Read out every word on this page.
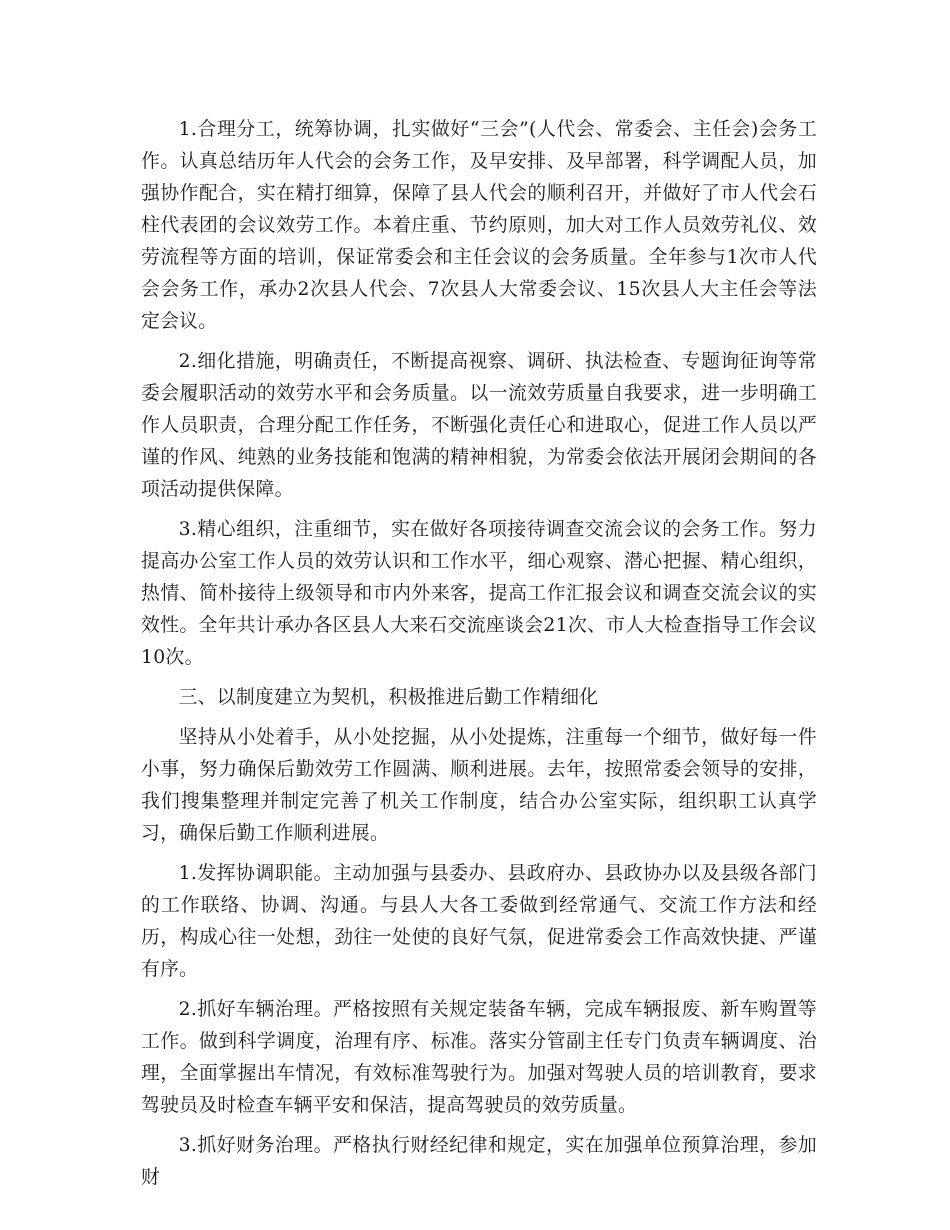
1.合理分工，统筹协调，扎实做好“三会”(人代会、常委会、主任会)会务工作。认真总结历年人代会的会务工作，及早安排、及早部署，科学调配人员，加强协作配合，实在精打细算，保障了县人代会的顺利召开，并做好了市人代会石柱代表团的会议效劳工作。本着庄重、节约原则，加大对工作人员效劳礼仪、效劳流程等方面的培训，保证常委会和主任会议的会务质量。全年参与1次市人代会会务工作，承办2次县人代会、7次县人大常委会议、15次县人大主任会等法定会议。

2.细化措施，明确责任，不断提高视察、调研、执法检查、专题询征询等常委会履职活动的效劳水平和会务质量。以一流效劳质量自我要求，进一步明确工作人员职责，合理分配工作任务，不断强化责任心和进取心，促进工作人员以严谨的作风、纯熟的业务技能和饱满的精神相貌，为常委会依法开展闭会期间的各项活动提供保障。

3.精心组织，注重细节，实在做好各项接待调查交流会议的会务工作。努力提高办公室工作人员的效劳认识和工作水平，细心观察、潜心把握、精心组织，热情、简朴接待上级领导和市内外来客，提高工作汇报会议和调查交流会议的实效性。全年共计承办各区县人大来石交流座谈会21次、市人大检查指导工作会议10次。

三、以制度建立为契机，积极推进后勤工作精细化

坚持从小处着手，从小处挖掘，从小处提炼，注重每一个细节，做好每一件小事，努力确保后勤效劳工作圆满、顺利进展。去年，按照常委会领导的安排，我们搜集整理并制定完善了机关工作制度，结合办公室实际，组织职工认真学习，确保后勤工作顺利进展。

1.发挥协调职能。主动加强与县委办、县政府办、县政协办以及县级各部门的工作联络、协调、沟通。与县人大各工委做到经常通气、交流工作方法和经历，构成心往一处想，劲往一处使的良好气氛，促进常委会工作高效快捷、严谨有序。

2.抓好车辆治理。严格按照有关规定装备车辆，完成车辆报废、新车购置等工作。做到科学调度，治理有序、标准。落实分管副主任专门负责车辆调度、治理，全面掌握出车情况，有效标准驾驶行为。加强对驾驶人员的培训教育，要求驾驶员及时检查车辆平安和保洁，提高驾驶员的效劳质量。

3.抓好财务治理。严格执行财经纪律和规定，实在加强单位预算治理，参加财
